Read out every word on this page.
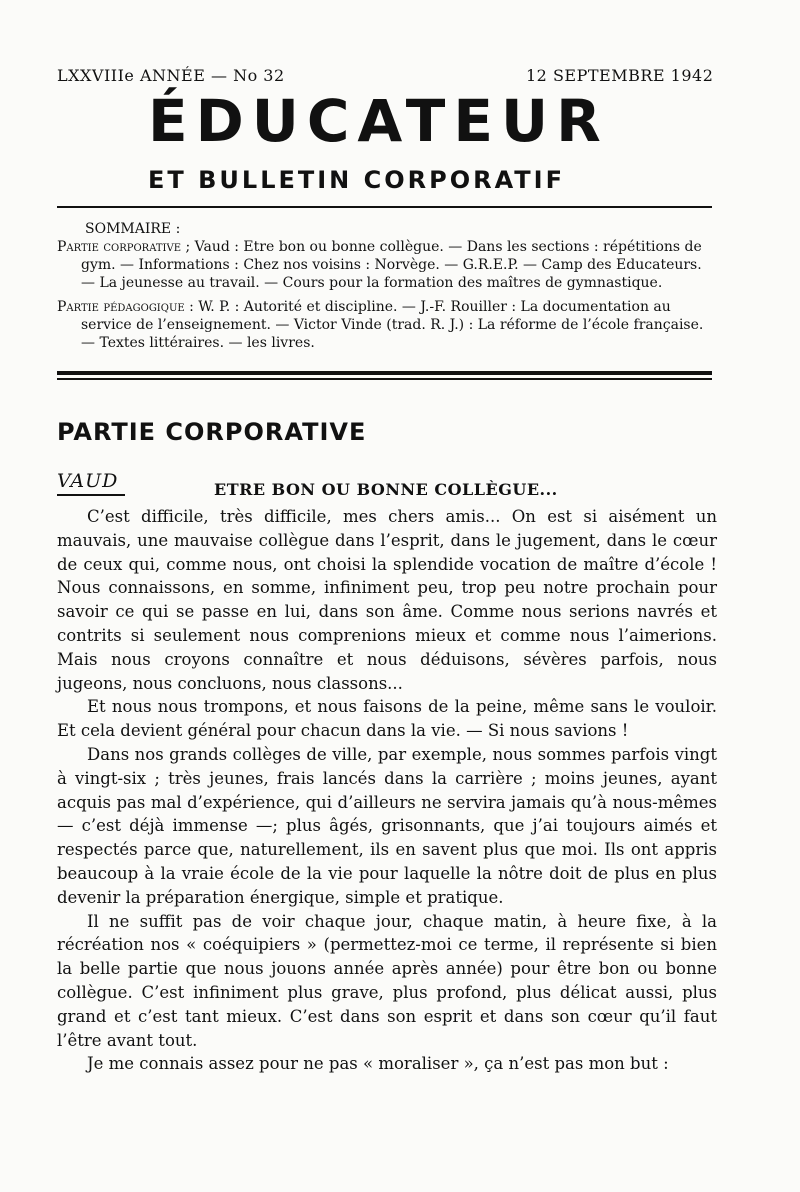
LXXVIIIe ANNÉE — No 32	12 SEPTEMBRE 1942
ÉDUCATEUR
ET BULLETIN CORPORATIF
SOMMAIRE :

Partie corporative ; Vaud : Etre bon ou bonne collègue. — Dans les sections : répétitions de gym. — Informations : Chez nos voisins : Norvège. — G.R.E.P. — Camp des Educateurs. — La jeunesse au travail. — Cours pour la formation des maîtres de gymnastique.

Partie pédagogique : W. P. : Autorité et discipline. — J.-F. Rouiller : La documentation au service de l’enseignement. — Victor Vinde (trad. R. J.) : La réforme de l’école française. — Textes littéraires. — les livres.

PARTIE CORPORATIVE
VAUD	ETRE BON OU BONNE COLLÈGUE...

C’est difficile, très difficile, mes chers amis... On est si aisément un mauvais, une mauvaise collègue dans l’esprit, dans le jugement, dans le cœur de ceux qui, comme nous, ont choisi la splendide vocation de maître d’école ! Nous connaissons, en somme, infiniment peu, trop peu notre prochain pour savoir ce qui se passe en lui, dans son âme. Comme nous serions navrés et contrits si seulement nous comprenions mieux et comme nous l’aimerions. Mais nous croyons connaître et nous déduisons, sévères parfois, nous jugeons, nous concluons, nous classons...

Et nous nous trompons, et nous faisons de la peine, même sans le vouloir. Et cela devient général pour chacun dans la vie. — Si nous savions !

Dans nos grands collèges de ville, par exemple, nous sommes parfois vingt à vingt-six ; très jeunes, frais lancés dans la carrière ; moins jeunes, ayant acquis pas mal d’expérience, qui d’ailleurs ne servira jamais qu’à nous-mêmes — c’est déjà immense —; plus âgés, grisonnants, que j’ai toujours aimés et respectés parce que, naturellement, ils en savent plus que moi. Ils ont appris beaucoup à la vraie école de la vie pour laquelle la nôtre doit de plus en plus devenir la préparation énergique, simple et pratique.

Il ne suffit pas de voir chaque jour, chaque matin, à heure fixe, à la récréation nos « coéquipiers » (permettez-moi ce terme, il représente si bien la belle partie que nous jouons année après année) pour être bon ou bonne collègue. C’est infiniment plus grave, plus profond, plus délicat aussi, plus grand et c’est tant mieux. C’est dans son esprit et dans son cœur qu’il faut l’être avant tout.

Je me connais assez pour ne pas « moraliser », ça n’est pas mon but :
